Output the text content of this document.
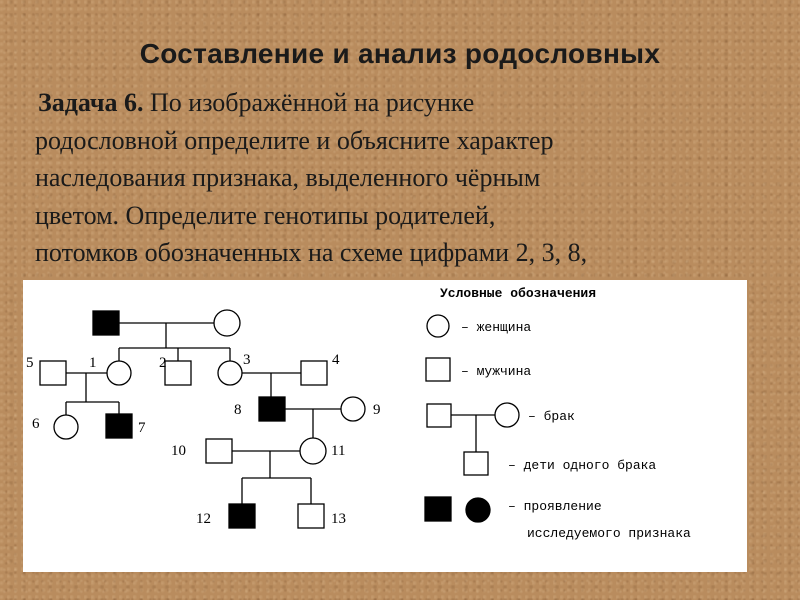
Составление и анализ родословных
Задача 6. По изображённой на рисунке
родословной определите и объясните характер
наследования признака, выделенного чёрным
цветом. Определите генотипы родителей,
потомков обозначенных на схеме цифрами 2, 3, 8,
1	2	3	4
5
6	7
8	9
10	11
12	13
Условные обозначения
– женщина
– мужчина
– брак
– дети одного брака
– проявление
исследуемого признака
